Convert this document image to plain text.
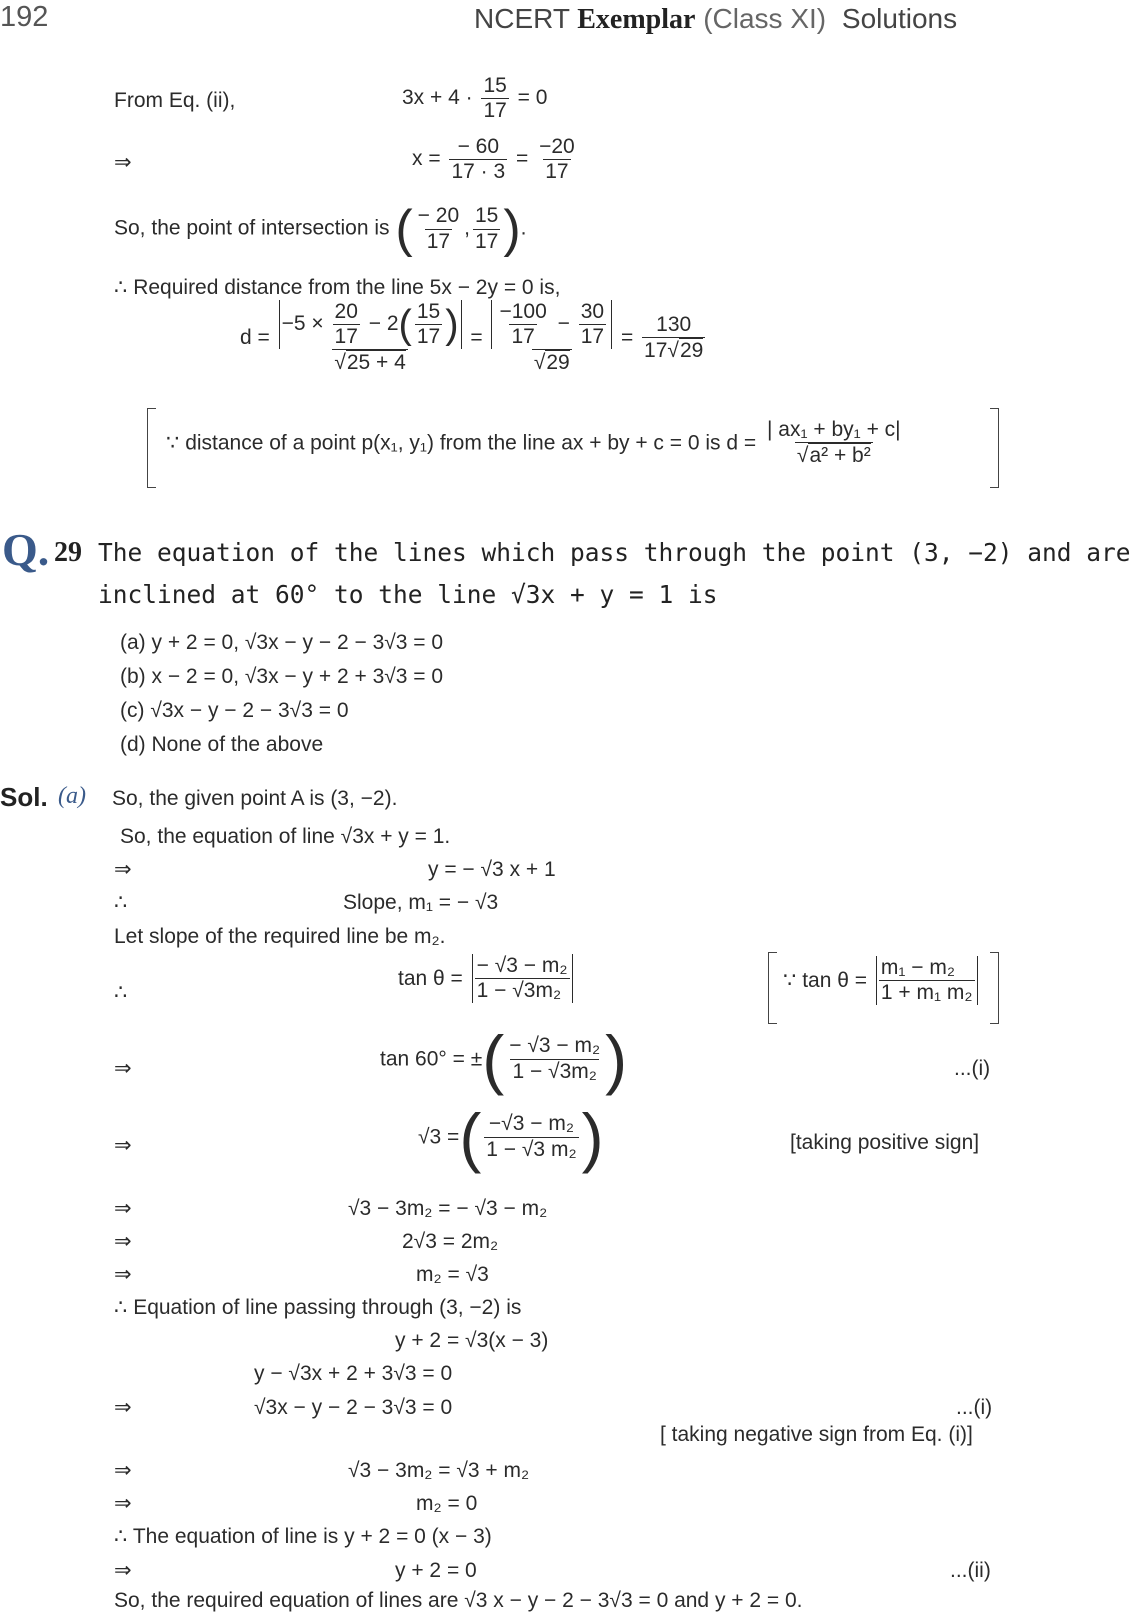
192	NCERT Exemplar (Class XI) Solutions
From Eq. (ii),	$3x + 4 \cdot \frac{15}{17} = 0$
⇒	$x = \frac{- 60}{17 \cdot 3} = \frac{-20}{17}$
So, the point of intersection is ( $\frac{- 20}{17}$ , $\frac{15}{17}$ ).
∴ Required distance from the line 5x − 2y = 0 is,
$d = \frac{-5 \times \frac{20}{17} - 2( \frac{15}{17} )}{√25 + 4} = \frac{\frac{-100}{17} - \frac{30}{17}}{√29} = \frac{130}{17√29}$
∵ distance of a point p(x₁, y₁) from the line ax + by + c = 0 is $d = \frac{\text{| ax₁ + by₁ + c|}}{\text{√a² + b²}}$
Q. 29 The equation of the lines which pass through the point (3, −2) and are
inclined at 60° to the line √3x + y = 1 is
(a) y + 2 = 0, √3x − y − 2 − 3√3 = 0
(b) x − 2 = 0, √3x − y + 2 + 3√3 = 0
(c) √3x − y − 2 − 3√3 = 0
(d) None of the above
Sol. (a) So, the given point A is (3, −2).
So, the equation of line √3x + y = 1.
⇒	y = − √3 x + 1
∴	Slope, m₁ = − √3
Let slope of the required line be m₂.
∴
$\tan \theta = \frac{\text{− √3 − m₂}}{\text{1 − √3m₂}}$	∵ $\tan \theta = \frac{\text{m₁ − m₂}}{\text{1 + m₁ m₂}}$
⇒	tan 60° = ±( $\frac{\text{− √3 − m₂}}{\text{1 − √3m₂}}$ )	...(i)
⇒	√3 =( $\frac{\text{−√3 − m₂}}{\text{1 − √3 m₂}}$ )	[taking positive sign]
⇒	√3 − 3m₂ = − √3 − m₂
⇒	2√3 = 2m₂
⇒	m₂ = √3
∴ Equation of line passing through (3, −2) is
y + 2 = √3(x − 3)
y − √3x + 2 + 3√3 = 0
⇒	√3x − y − 2 − 3√3 = 0	...(i)
[ taking negative sign from Eq. (i)]
⇒	√3 − 3m₂ = √3 + m₂
⇒	m₂ = 0
∴ The equation of line is y + 2 = 0 (x − 3)
⇒	y + 2 = 0	...(ii)
So, the required equation of lines are √3 x − y − 2 − 3√3 = 0 and y + 2 = 0.
